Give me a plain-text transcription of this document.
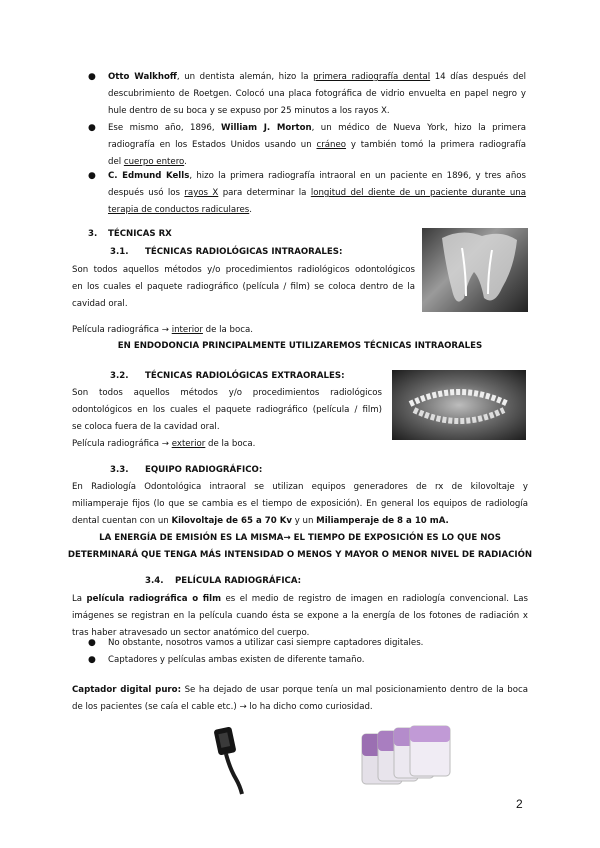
● Otto Walkhoff, un dentista alemán, hizo la primera radiografía dental 14 días después del
descubrimiento de Roetgen. Colocó una placa fotográfica de vidrio envuelta en papel negro y
hule dentro de su boca y se expuso por 25 minutos a los rayos X.
● Ese mismo año, 1896, William J. Morton, un médico de Nueva York, hizo la primera
radiografía en los Estados Unidos usando un cráneo y también tomó la primera radiografía
del cuerpo entero.
● C. Edmund Kells, hizo la primera radiografía intraoral en un paciente en 1896, y tres años
después usó los rayos X para determinar la longitud del diente de un paciente durante una
terapia de conductos radiculares.
3. TÉCNICAS RX
3.1. TÉCNICAS RADIOLÓGICAS INTRAORALES:
Son todos aquellos métodos y/o procedimientos radiológicos odontológicos
en los cuales el paquete radiográfico (película / film) se coloca dentro de la
cavidad oral.
Película radiográfica → interior de la boca.
EN ENDODONCIA PRINCIPALMENTE UTILIZAREMOS TÉCNICAS INTRAORALES
3.2. TÉCNICAS RADIOLÓGICAS EXTRAORALES:
Son todos aquellos métodos y/o procedimientos radiológicos
odontológicos en los cuales el paquete radiográfico (película / film)
se coloca fuera de la cavidad oral.
Película radiográfica → exterior de la boca.
3.3. EQUIPO RADIOGRÁFICO:
En Radiología Odontológica intraoral se utilizan equipos generadores de rx de kilovoltaje y
miliamperaje fijos (lo que se cambia es el tiempo de exposición). En general los equipos de radiología
dental cuentan con un Kilovoltaje de 65 a 70 Kv y un Miliamperaje de 8 a 10 mA.
LA ENERGÍA DE EMISIÓN ES LA MISMA→ EL TIEMPO DE EXPOSICIÓN ES LO QUE NOS
DETERMINARÁ QUE TENGA MÁS INTENSIDAD O MENOS Y MAYOR O MENOR NIVEL DE RADIACIÓN
3.4. PELÍCULA RADIOGRÁFICA:
La película radiográfica o film es el medio de registro de imagen en radiología convencional. Las
imágenes se registran en la película cuando ésta se expone a la energía de los fotones de radiación x
tras haber atravesado un sector anatómico del cuerpo.
● No obstante, nosotros vamos a utilizar casi siempre captadores digitales.
● Captadores y películas ambas existen de diferente tamaño.
Captador digital puro: Se ha dejado de usar porque tenía un mal posicionamiento dentro de la boca
de los pacientes (se caía el cable etc.) → lo ha dicho como curiosidad.
2
